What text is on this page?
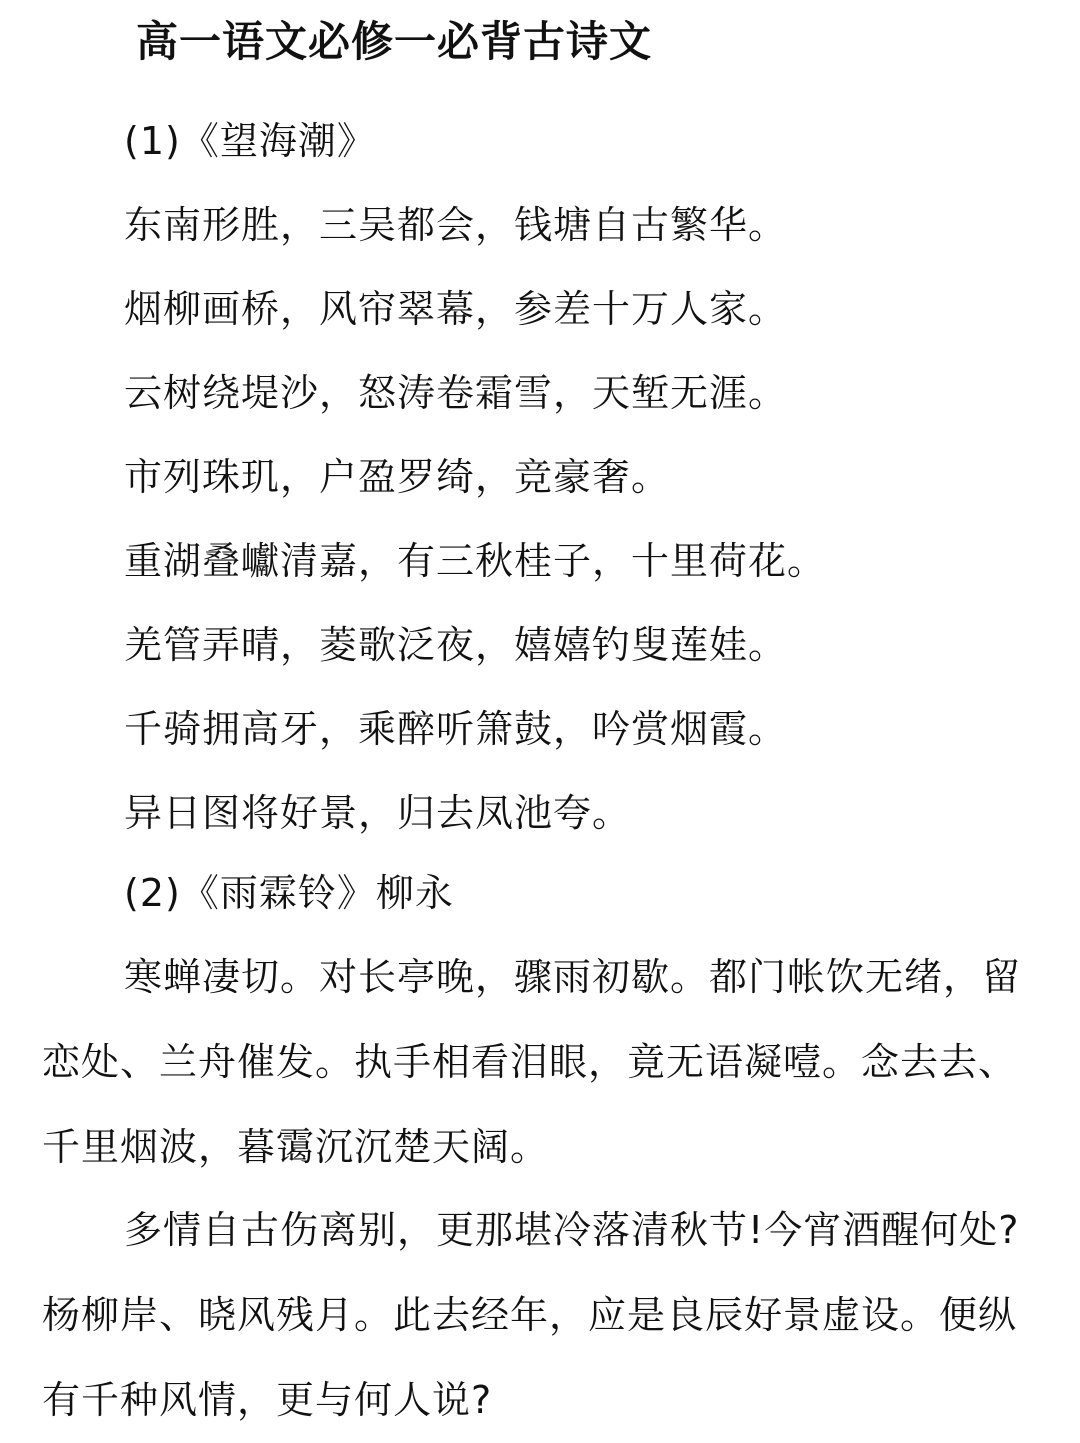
高一语文必修一必背古诗文

(1)《望海潮》

东南形胜，三吴都会，钱塘自古繁华。

烟柳画桥，风帘翠幕，参差十万人家。

云树绕堤沙，怒涛卷霜雪，天堑无涯。

市列珠玑，户盈罗绮，竞豪奢。

重湖叠巘清嘉，有三秋桂子，十里荷花。

羌管弄晴，菱歌泛夜，嬉嬉钓叟莲娃。

千骑拥高牙，乘醉听箫鼓，吟赏烟霞。

异日图将好景，归去凤池夸。

(2)《雨霖铃》柳永

寒蝉凄切。对长亭晚，骤雨初歇。都门帐饮无绪，留恋处、兰舟催发。执手相看泪眼，竟无语凝噎。念去去、千里烟波，暮霭沉沉楚天阔。

多情自古伤离别，更那堪冷落清秋节!今宵酒醒何处?杨柳岸、晓风残月。此去经年，应是良辰好景虚设。便纵有千种风情，更与何人说?
